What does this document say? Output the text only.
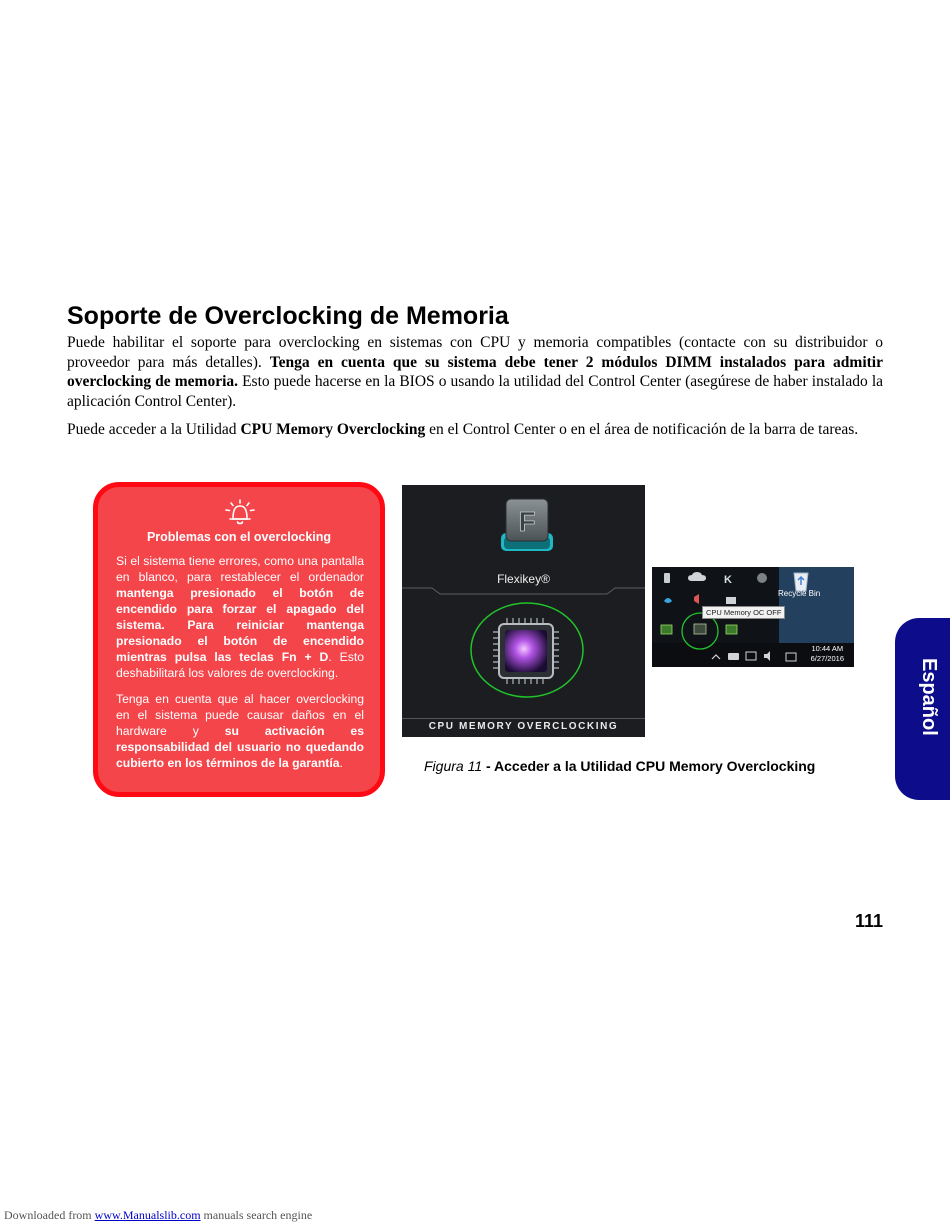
Soporte de Overclocking de Memoria

Puede habilitar el soporte para overclocking en sistemas con CPU y memoria compatibles (contacte con su distribuidor o proveedor para más detalles). Tenga en cuenta que su sistema debe tener 2 módulos DIMM instalados para admitir overclocking de memoria. Esto puede hacerse en la BIOS o usando la utilidad del Control Center (asegúrese de haber instalado la aplicación Control Center).

Puede acceder a la Utilidad CPU Memory Overclocking en el Control Center o en el área de notificación de la barra de tareas.

Problemas con el overclocking

Si el sistema tiene errores, como una pantalla en blanco, para restablecer el ordenador mantenga presionado el botón de encendido para forzar el apagado del sistema. Para reiniciar mantenga presionado el botón de encendido mientras pulsa las teclas Fn + D. Esto deshabilitará los valores de overclocking.

Tenga en cuenta que al hacer overclocking en el sistema puede causar daños en el hardware y su activación es responsabilidad del usuario no quedando cubierto en los términos de la garantía.

F
Flexikey®
CPU MEMORY OVERCLOCKING
K
Recycle Bin
CPU Memory OC OFF
10:44 AM
6/27/2016

Figura 11 - Acceder a la Utilidad CPU Memory Overclocking

Español
111
Downloaded from www.Manualslib.com manuals search engine
